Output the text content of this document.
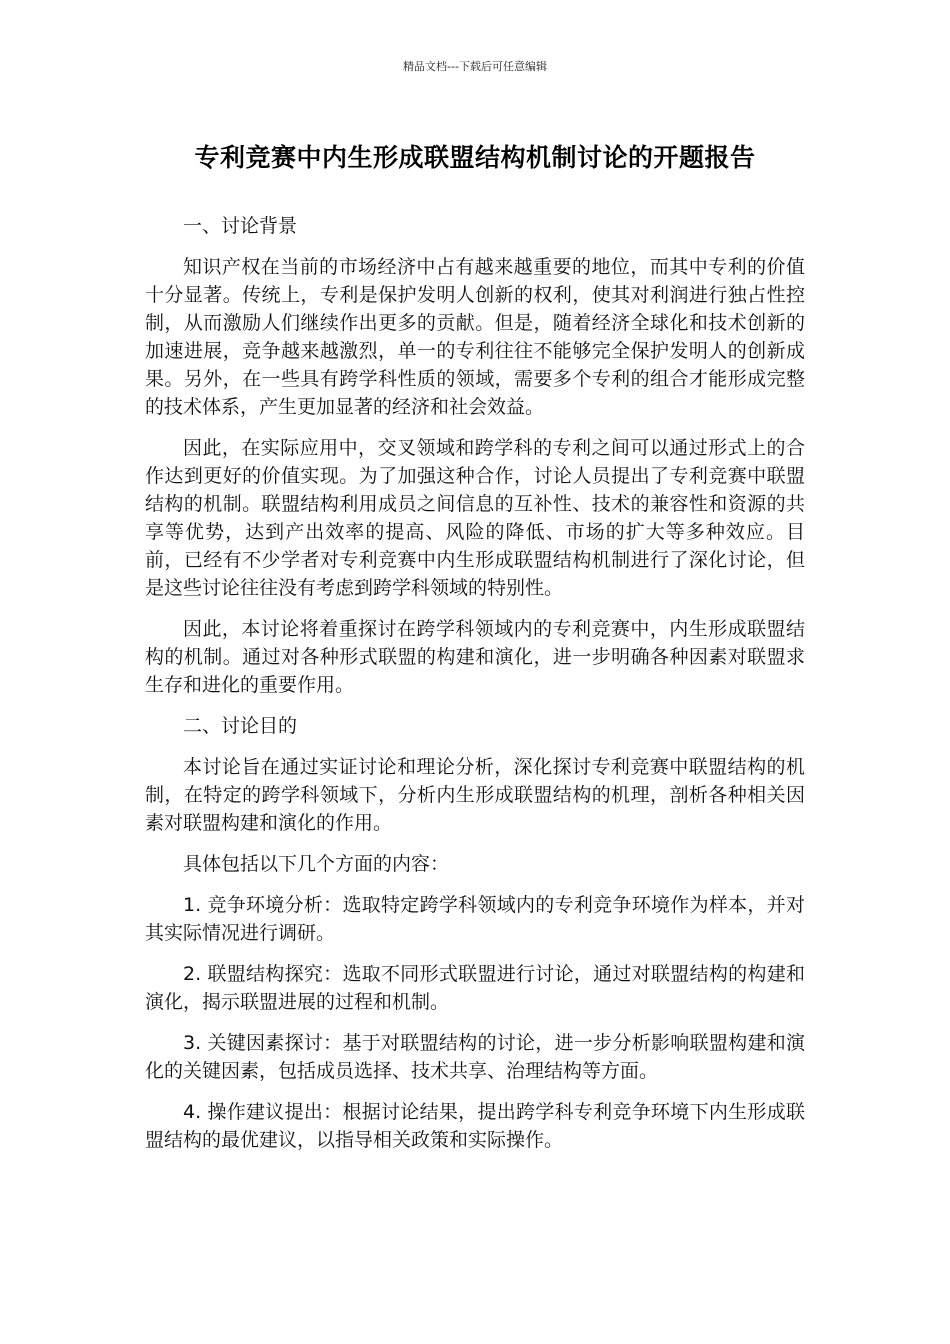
精品文档---下载后可任意编辑
专利竞赛中内生形成联盟结构机制讨论的开题报告

一、讨论背景

知识产权在当前的市场经济中占有越来越重要的地位，而其中专利的价值十分显著。传统上，专利是保护发明人创新的权利，使其对利润进行独占性控制，从而激励人们继续作出更多的贡献。但是，随着经济全球化和技术创新的加速进展，竞争越来越激烈，单一的专利往往不能够完全保护发明人的创新成果。另外，在一些具有跨学科性质的领域，需要多个专利的组合才能形成完整的技术体系，产生更加显著的经济和社会效益。

因此，在实际应用中，交叉领域和跨学科的专利之间可以通过形式上的合作达到更好的价值实现。为了加强这种合作，讨论人员提出了专利竞赛中联盟结构的机制。联盟结构利用成员之间信息的互补性、技术的兼容性和资源的共享等优势，达到产出效率的提高、风险的降低、市场的扩大等多种效应。目前，已经有不少学者对专利竞赛中内生形成联盟结构机制进行了深化讨论，但是这些讨论往往没有考虑到跨学科领域的特别性。

因此，本讨论将着重探讨在跨学科领域内的专利竞赛中，内生形成联盟结构的机制。通过对各种形式联盟的构建和演化，进一步明确各种因素对联盟求生存和进化的重要作用。

二、讨论目的

本讨论旨在通过实证讨论和理论分析，深化探讨专利竞赛中联盟结构的机制，在特定的跨学科领域下，分析内生形成联盟结构的机理，剖析各种相关因素对联盟构建和演化的作用。

具体包括以下几个方面的内容：

1. 竞争环境分析：选取特定跨学科领域内的专利竞争环境作为样本，并对其实际情况进行调研。

2. 联盟结构探究：选取不同形式联盟进行讨论，通过对联盟结构的构建和演化，揭示联盟进展的过程和机制。

3. 关键因素探讨：基于对联盟结构的讨论，进一步分析影响联盟构建和演化的关键因素，包括成员选择、技术共享、治理结构等方面。

4. 操作建议提出：根据讨论结果，提出跨学科专利竞争环境下内生形成联盟结构的最优建议，以指导相关政策和实际操作。
